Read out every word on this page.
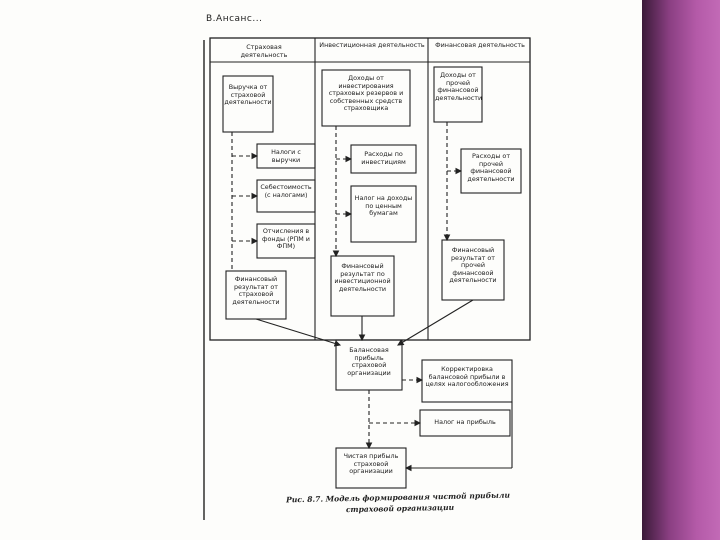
В.Ансанс...
Страховая деятельность
Инвестиционная деятельность	Финансовая деятельность
Выручка от страховой деятельности
Налоги с выручки
Себестоимость (с налогами)
Отчисления в фонды (РПМ и ФПМ)
Финансовый результат от страховой деятельности
Доходы от инвестирования страховых резервов и собственных средств страховщика
Расходы по инвестициям
Налог на доходы по ценным бумагам
Финансовый результат по инвестиционной деятельности
Доходы от прочей финансовой деятельности
Расходы от прочей финансовой деятельности
Финансовый результат от прочей финансовой деятельности
Балансовая прибыль страховой организации	Корректировка балансовой прибыли в целях налогообложения
Налог на прибыль
Чистая прибыль страховой организации
Рис. 8.7. Модель формирования чистой прибыли
страховой организации
